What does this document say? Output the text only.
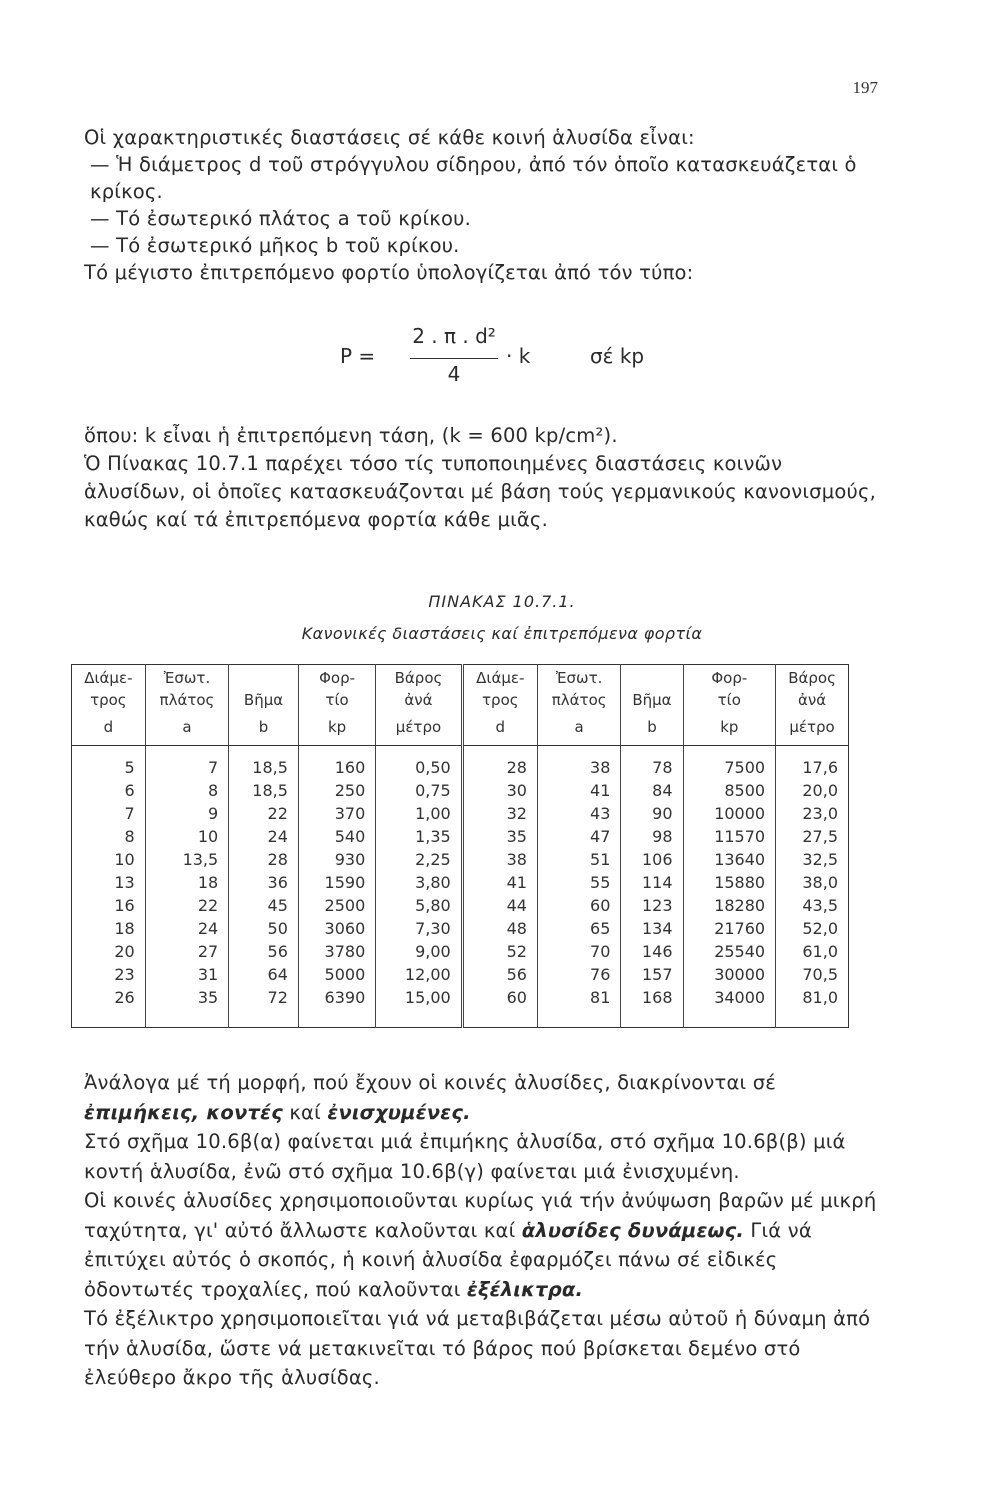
197

Οἱ χαρακτηριστικές διαστάσεις σέ κάθε κοινή ἁλυσίδα εἶναι:

— Ἡ διάμετρος d τοῦ στρόγγυλου σίδηρου, ἀπό τόν ὁποῖο κατασκευάζεται ὁ κρίκος.

— Τό ἐσωτερικό πλάτος a τοῦ κρίκου.

— Τό ἐσωτερικό μῆκος b τοῦ κρίκου.

Τό μέγιστο ἐπιτρεπόμενο φορτίο ὑπολογίζεται ἀπό τόν τύπο:

P =
2 . π . d²
4
· k	σέ kp

ὅπου: k εἶναι ἡ ἐπιτρεπόμενη τάση, (k = 600 kp/cm²).

Ὁ Πίνακας 10.7.1 παρέχει τόσο τίς τυποποιημένες διαστάσεις κοινῶν ἁλυσίδων, οἱ ὁποῖες κατασκευάζονται μέ βάση τούς γερμανικούς κανονισμούς, καθώς καί τά ἐπιτρεπόμενα φορτία κάθε μιᾶς.

ΠΙΝΑΚΑΣ 10.7.1.
Κανονικές διαστάσεις καί ἐπιτρεπόμενα φορτία
Διάμε-	Ἐσωτ.		Φορ-	Βάρος	Διάμε-	Ἐσωτ.		Φορ-	Βάρος
τρος	πλάτος	Βῆμα	τίο	ἀνά	τρος	πλάτος	Βῆμα	τίο	ἀνά
d	a	b	kp	μέτρο	d	a	b	kp	μέτρο
5	7	18,5	160	0,50	28	38	78	7500	17,6
6	8	18,5	250	0,75	30	41	84	8500	20,0
7	9	22	370	1,00	32	43	90	10000	23,0
8	10	24	540	1,35	35	47	98	11570	27,5
10	13,5	28	930	2,25	38	51	106	13640	32,5
13	18	36	1590	3,80	41	55	114	15880	38,0
16	22	45	2500	5,80	44	60	123	18280	43,5
18	24	50	3060	7,30	48	65	134	21760	52,0
20	27	56	3780	9,00	52	70	146	25540	61,0
23	31	64	5000	12,00	56	76	157	30000	70,5
26	35	72	6390	15,00	60	81	168	34000	81,0

Ἀνάλογα μέ τή μορφή, πού ἔχουν οἱ κοινές ἁλυσίδες, διακρίνονται σέ ἐπιμήκεις, κοντές καί ἐνισχυμένες.

Στό σχῆμα 10.6β(α) φαίνεται μιά ἐπιμήκης ἁλυσίδα, στό σχῆμα 10.6β(β) μιά κοντή ἁλυσίδα, ἐνῶ στό σχῆμα 10.6β(γ) φαίνεται μιά ἐνισχυμένη.

Οἱ κοινές ἁλυσίδες χρησιμοποιοῦνται κυρίως γιά τήν ἀνύψωση βαρῶν μέ μικρή ταχύτητα, γι' αὐτό ἄλλωστε καλοῦνται καί ἁλυσίδες δυνάμεως. Γιά νά ἐπιτύχει αὐτός ὁ σκοπός, ἡ κοινή ἁλυσίδα ἐφαρμόζει πάνω σέ εἰδικές ὀδοντωτές τροχαλίες, πού καλοῦνται ἐξέλικτρα.

Τό ἐξέλικτρο χρησιμοποιεῖται γιά νά μεταβιβάζεται μέσω αὐτοῦ ἡ δύναμη ἀπό τήν ἁλυσίδα, ὥστε νά μετακινεῖται τό βάρος πού βρίσκεται δεμένο στό ἐλεύθερο ἄκρο τῆς ἁλυσίδας.
